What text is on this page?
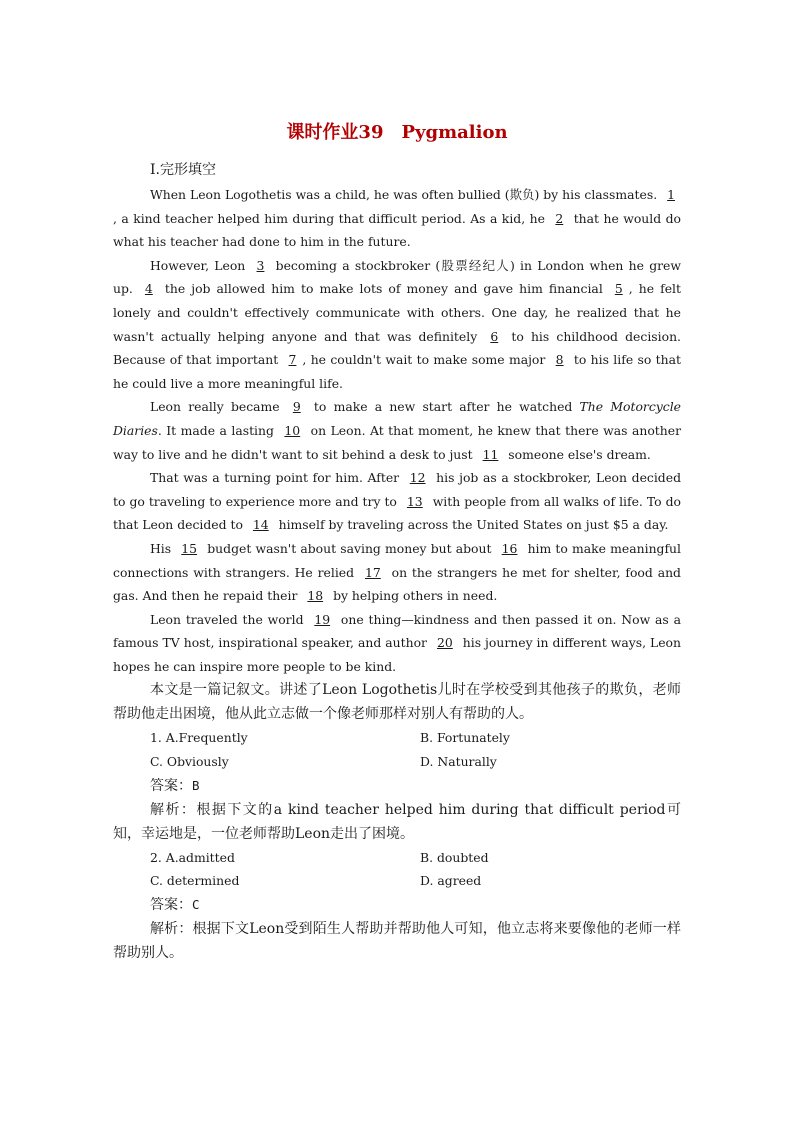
课时作业39　Pygmalion
Ⅰ.完形填空

When Leon Logothetis was a child, he was often bullied (欺负) by his classmates. 1, a kind teacher helped him during that difficult period. As a kid, he 2 that he would do what his teacher had done to him in the future.

However, Leon 3 becoming a stockbroker (股票经纪人) in London when he grew up. 4 the job allowed him to make lots of money and gave him financial 5 , he felt lonely and couldn't effectively communicate with others. One day, he realized that he wasn't actually helping anyone and that was definitely 6 to his childhood decision. Because of that important 7 , he couldn't wait to make some major 8 to his life so that he could live a more meaningful life.

Leon really became 9 to make a new start after he watched The Motorcycle Diaries. It made a lasting 10 on Leon. At that moment, he knew that there was another way to live and he didn't want to sit behind a desk to just 11 someone else's dream.

That was a turning point for him. After 12 his job as a stockbroker, Leon decided to go traveling to experience more and try to 13 with people from all walks of life. To do that Leon decided to 14 himself by traveling across the United States on just $5 a day.

His 15 budget wasn't about saving money but about 16 him to make meaningful connections with strangers. He relied 17 on the strangers he met for shelter, food and gas. And then he repaid their 18 by helping others in need.

Leon traveled the world 19 one thing—kindness and then passed it on. Now as a famous TV host, inspirational speaker, and author 20 his journey in different ways, Leon hopes he can inspire more people to be kind.

本文是一篇记叙文。讲述了Leon Logothetis儿时在学校受到其他孩子的欺负，老师帮助他走出困境，他从此立志做一个像老师那样对别人有帮助的人。

1. A.Frequently	B. Fortunately
C. Obviously	D. Naturally
答案：B

解析：根据下文的a kind teacher helped him during that difficult period可知，幸运地是，一位老师帮助Leon走出了困境。

2. A.admitted	B. doubted
C. determined	D. agreed
答案：C

解析：根据下文Leon受到陌生人帮助并帮助他人可知，他立志将来要像他的老师一样帮助别人。
